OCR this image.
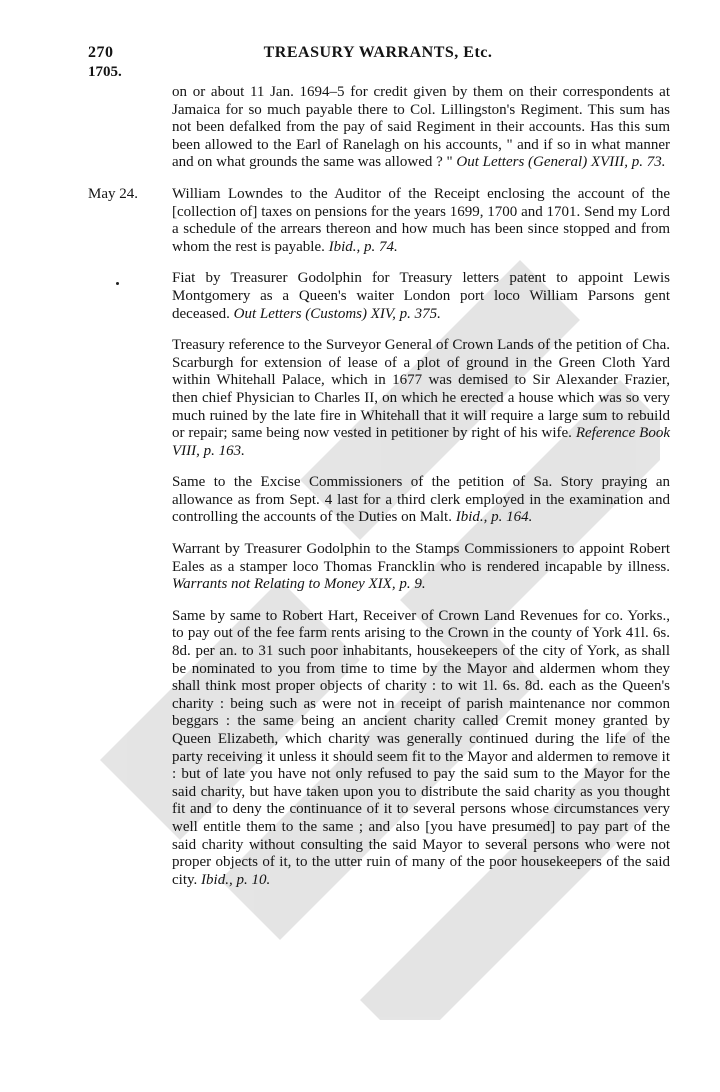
270	TREASURY WARRANTS, Etc.
1705.
on or about 11 Jan. 1694–5 for credit given by them on their correspondents at Jamaica for so much payable there to Col. Lillingston's Regiment. This sum has not been defalked from the pay of said Regiment in their accounts. Has this sum been allowed to the Earl of Ranelagh on his accounts, " and if so in what manner and on what grounds the same was allowed ? " Out Letters (General) XVIII, p. 73.
May 24. William Lowndes to the Auditor of the Receipt enclosing the account of the [collection of] taxes on pensions for the years 1699, 1700 and 1701. Send my Lord a schedule of the arrears thereon and how much has been since stopped and from whom the rest is payable. Ibid., p. 74.
Fiat by Treasurer Godolphin for Treasury letters patent to appoint Lewis Montgomery as a Queen's waiter London port loco William Parsons gent deceased. Out Letters (Customs) XIV, p. 375.
Treasury reference to the Surveyor General of Crown Lands of the petition of Cha. Scarburgh for extension of lease of a plot of ground in the Green Cloth Yard within Whitehall Palace, which in 1677 was demised to Sir Alexander Frazier, then chief Physician to Charles II, on which he erected a house which was so very much ruined by the late fire in Whitehall that it will require a large sum to rebuild or repair; same being now vested in petitioner by right of his wife. Reference Book VIII, p. 163.
Same to the Excise Commissioners of the petition of Sa. Story praying an allowance as from Sept. 4 last for a third clerk employed in the examination and controlling the accounts of the Duties on Malt. Ibid., p. 164.
Warrant by Treasurer Godolphin to the Stamps Commissioners to appoint Robert Eales as a stamper loco Thomas Francklin who is rendered incapable by illness. Warrants not Relating to Money XIX, p. 9.
Same by same to Robert Hart, Receiver of Crown Land Revenues for co. Yorks., to pay out of the fee farm rents arising to the Crown in the county of York 41l. 6s. 8d. per an. to 31 such poor inhabitants, housekeepers of the city of York, as shall be nominated to you from time to time by the Mayor and aldermen whom they shall think most proper objects of charity : to wit 1l. 6s. 8d. each as the Queen's charity : being such as were not in receipt of parish maintenance nor common beggars : the same being an ancient charity called Cremit money granted by Queen Elizabeth, which charity was generally continued during the life of the party receiving it unless it should seem fit to the Mayor and aldermen to remove it : but of late you have not only refused to pay the said sum to the Mayor for the said charity, but have taken upon you to distribute the said charity as you thought fit and to deny the continuance of it to several persons whose circumstances very well entitle them to the same ; and also [you have presumed] to pay part of the said charity without consulting the said Mayor to several persons who were not proper objects of it, to the utter ruin of many of the poor housekeepers of the said city. Ibid., p. 10.
